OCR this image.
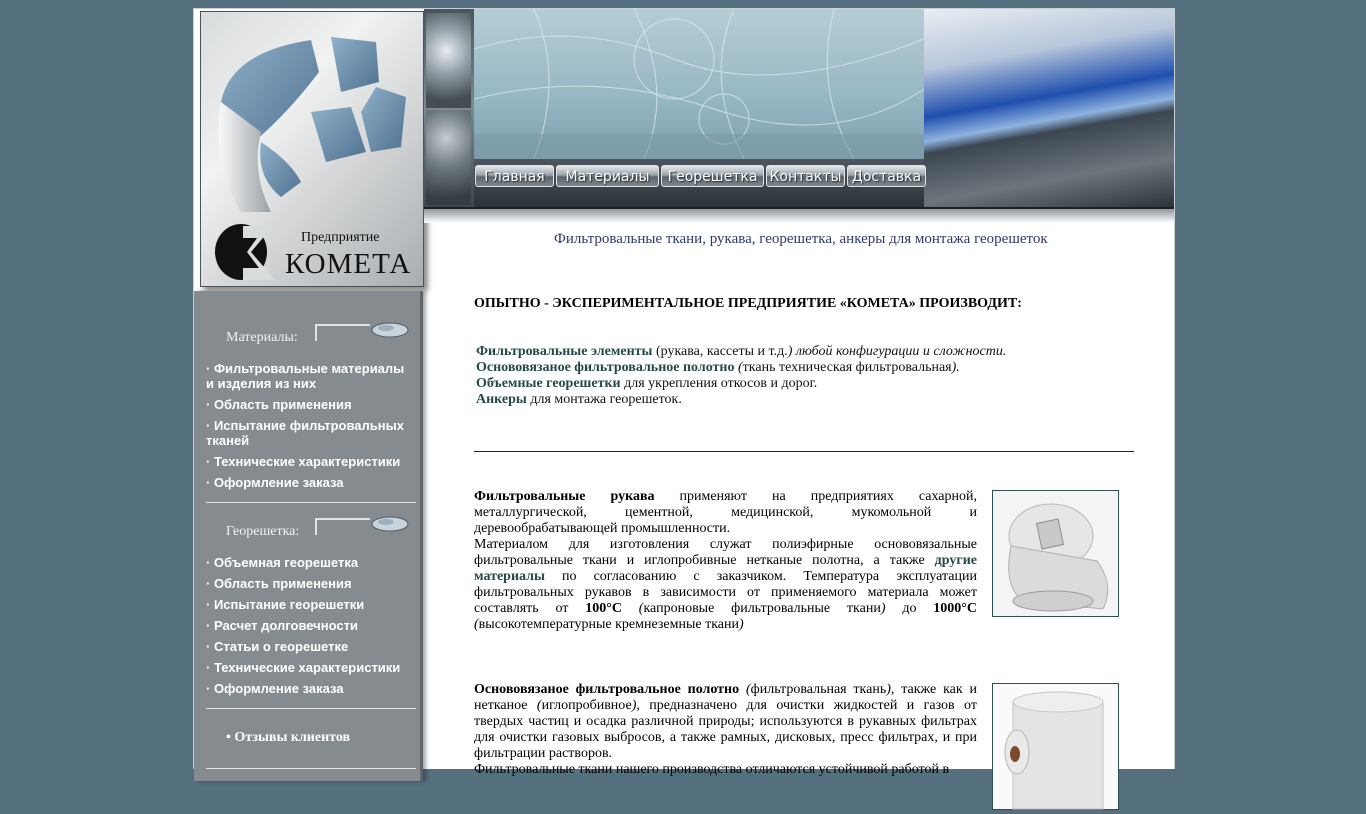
Предприятие
КОМЕТА
Главная	Материалы	Георешетка Контакты Доставка
Материалы:
· Фильтровальные материалы и изделия из них
· Область применения
· Испытание фильтровальных тканей
· Технические характеристики
· Оформление заказа
Георешетка:
· Объемная георешетка
· Область применения
· Испытание георешетки
· Расчет долговечности
· Статьи о георешетке
· Технические характеристики
· Оформление заказа
• Отзывы клиентов
Фильтровальные ткани, рукава, георешетка, анкеры для монтажа георешеток
ОПЫТНО - ЭКСПЕРИМЕНТАЛЬНОЕ ПРЕДПРИЯТИЕ «КОМЕТА» ПРОИЗВОДИТ:
Фильтровальные элементы (рукава, кассеты и т.д.) любой конфигурации и сложности.
Основовязаное фильтровальное полотно (ткань техническая фильтровальная).
Объемные георешетки для укрепления откосов и дорог.
Анкеры для монтажа георешеток.
Фильтровальные рукава применяют на предприятиях сахарной, металлургической, цементной, медицинской, мукомольной и деревообрабатывающей промышленности.
Материалом для изготовления служат полиэфирные основовязальные фильтровальные ткани и иглопробивные нетканые полотна, а также другие материалы по согласованию с заказчиком. Температура эксплуатации фильтровальных рукавов в зависимости от применяемого материала может составлять от 100°С (капроновые фильтровальные ткани) до 1000°С (высокотемпературные кремнеземные ткани)
Основовязаное фильтровальное полотно (фильтровальная ткань), также как и нетканое (иглопробивное), предназначено для очистки жидкостей и газов от твердых частиц и осадка различной природы; используются в рукавных фильтрах для очистки газовых выбросов, а также рамных, дисковых, пресс фильтрах, и при фильтрации растворов.
Фильтровальные ткани нашего производства отличаются устойчивой работой в
